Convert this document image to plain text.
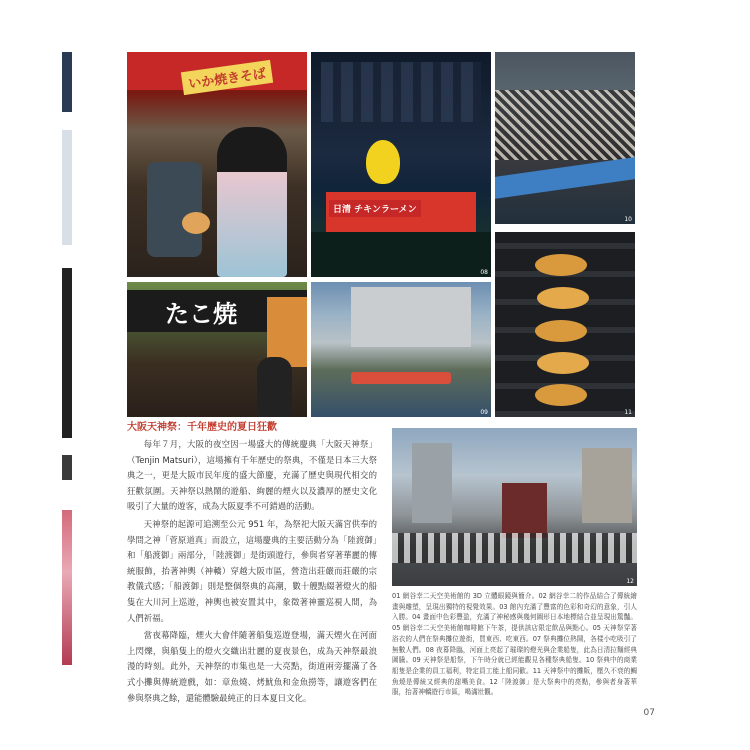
いか焼きそば
日清 チキンラーメン
08
10
たこ焼
09	11
12
大阪天神祭：千年歷史的夏日狂歡

每年７月，大阪的夜空因一場盛大的傳統慶典「大阪天神祭」（Tenjin Matsuri），這場擁有千年歷史的祭典，不僅是日本三大祭典之一，更是大阪市民年度的盛大節慶，充滿了歷史與現代相交的狂歡氛圍。天神祭以熱鬧的遊船、絢麗的煙火以及濃厚的歷史文化吸引了大量的遊客，成為大阪夏季不可錯過的活動。

天神祭的起源可追溯至公元 951 年，為祭祀大阪天滿宮供奉的學問之神「菅原道真」而設立，這場慶典的主要活動分為「陸渡御」和「船渡御」兩部分，「陸渡御」是街頭遊行，參與者穿著華麗的傳統服飾，抬著神輿（神轎）穿越大阪市區，營造出莊嚴而莊嚴的宗教儀式感；「船渡御」則是整個祭典的高潮，數十艘點綴著燈火的船隻在大川河上巡遊，神輿也被安置其中，象徵著神靈巡視人間，為人們祈福。

當夜幕降臨，煙火大會伴隨著船隻巡遊登場，滿天煙火在河面上閃爍，與船隻上的燈火交織出壯麗的夏夜景色，成為天神祭最浪漫的時刻。此外，天神祭的市集也是一大亮點，街道兩旁擺滿了各式小攤與傳統遊戲，如：章魚燒、烤魷魚和金魚撈等，讓遊客們在參與祭典之餘，還能體驗最純正的日本夏日文化。

01 網谷幸二天空美術館的 3D 立體眼鏡與簡介。02 網谷幸二的作品結合了傳統繪畫與雕塑，呈現出獨特的視覺效果。03 館內充滿了豐富的色彩和奇幻的意象，引人入勝。04 畫面中色彩豐盈，充滿了神秘感與幾何圖形日本地標結合並呈現出驚豔。05 網谷幸二天空美術館咖啡館下午茶，提供該店限定飲品與點心。05 天神祭穿著浴衣的人們在祭典攤位遊街，買東西、吃東西。07 祭典攤位熱鬧，各樣小吃吸引了無數人們。08 夜幕降臨，河面上亮起了璀璨的燈光與企業船隻，此為日清拉麵經典圖騰。09 天神祭是船祭，下午時分就已經能觀見各種祭典船隻。10 祭典中的商業船隻是企業的員工福利，特定員工能上船同歡。11 天神祭中的攤販，壓久不衰的鯛魚燒是傳統又經典的甜嘴美食。12「陸渡御」是大祭典中的亮點，參與者身著華服，抬著神轎遊行市區，喝滿壯觀。
07
